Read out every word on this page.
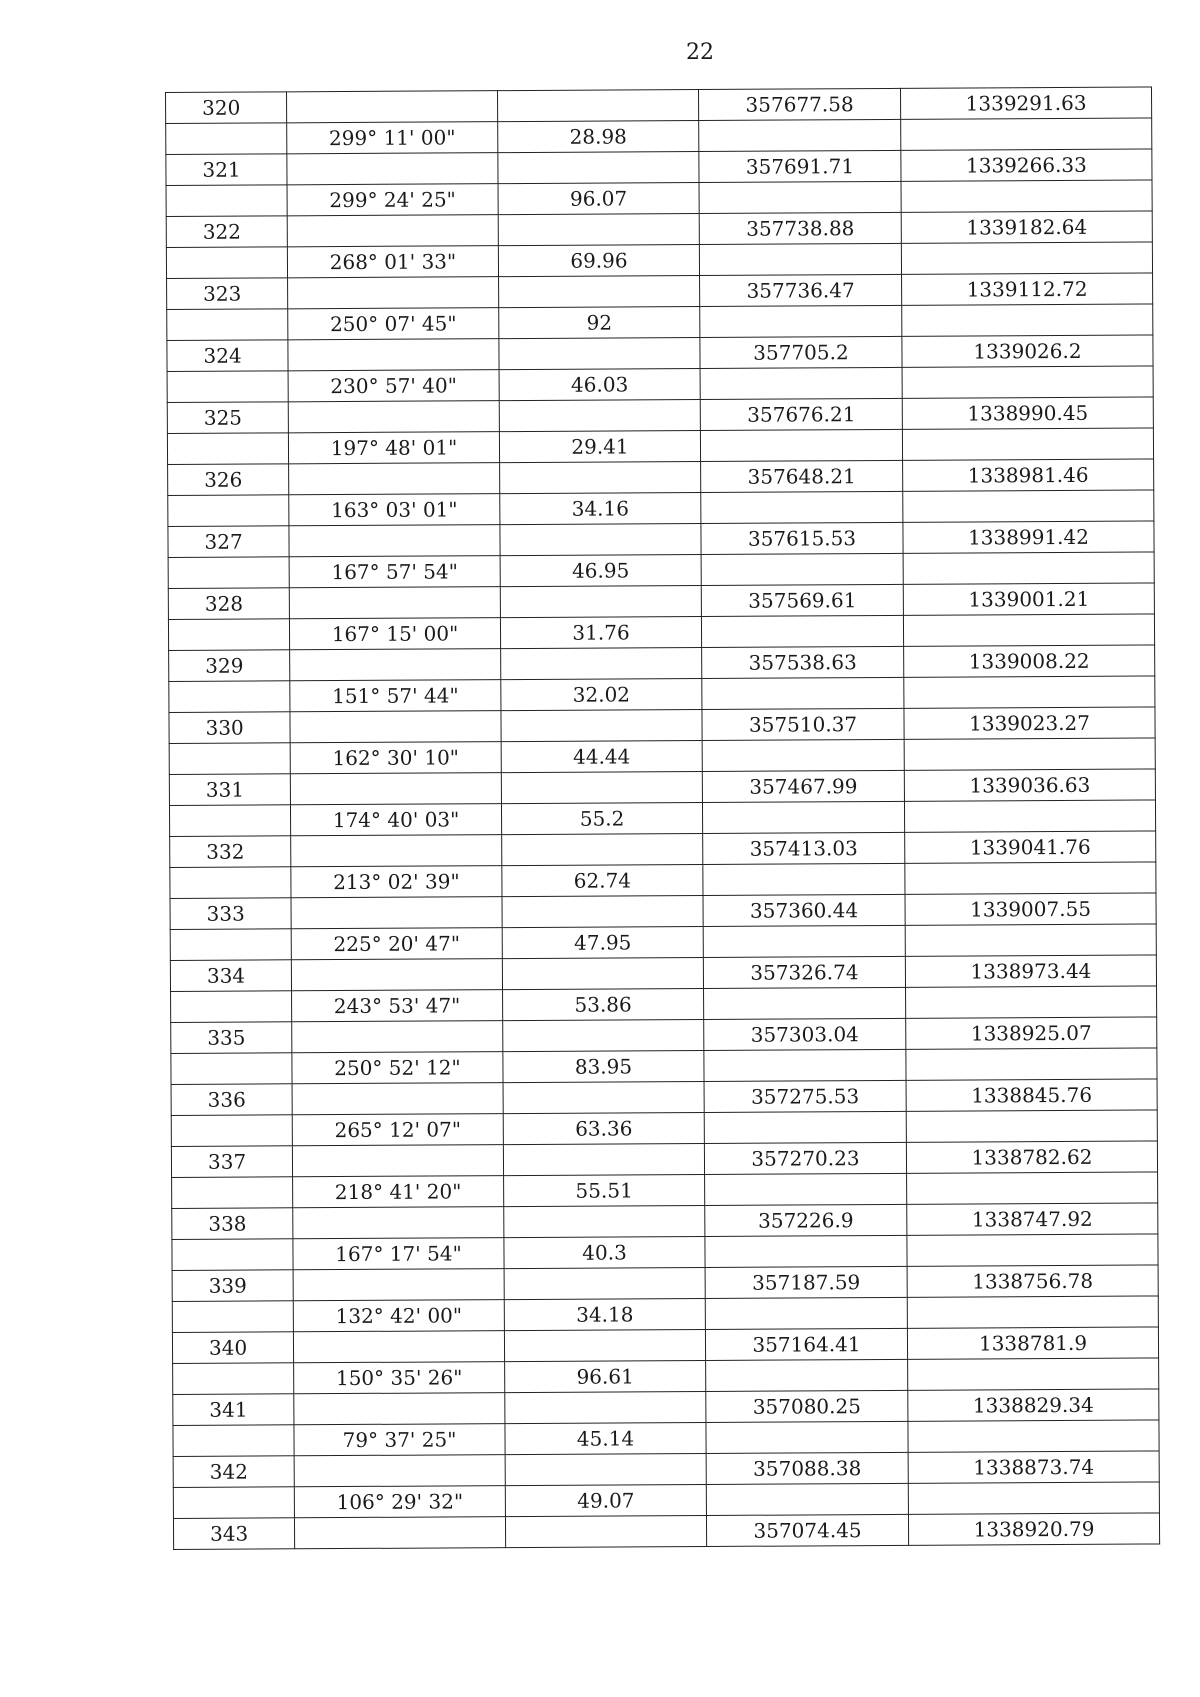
22
320			357677.58	1339291.63
	299° 11' 00"	28.98		
321			357691.71	1339266.33
	299° 24' 25"	96.07		
322			357738.88	1339182.64
	268° 01' 33"	69.96		
323			357736.47	1339112.72
	250° 07' 45"	92		
324			357705.2	1339026.2
	230° 57' 40"	46.03		
325			357676.21	1338990.45
	197° 48' 01"	29.41		
326			357648.21	1338981.46
	163° 03' 01"	34.16		
327			357615.53	1338991.42
	167° 57' 54"	46.95		
328			357569.61	1339001.21
	167° 15' 00"	31.76		
329			357538.63	1339008.22
	151° 57' 44"	32.02		
330			357510.37	1339023.27
	162° 30' 10"	44.44		
331			357467.99	1339036.63
	174° 40' 03"	55.2		
332			357413.03	1339041.76
	213° 02' 39"	62.74		
333			357360.44	1339007.55
	225° 20' 47"	47.95		
334			357326.74	1338973.44
	243° 53' 47"	53.86		
335			357303.04	1338925.07
	250° 52' 12"	83.95		
336			357275.53	1338845.76
	265° 12' 07"	63.36		
337			357270.23	1338782.62
	218° 41' 20"	55.51		
338			357226.9	1338747.92
	167° 17' 54"	40.3		
339			357187.59	1338756.78
	132° 42' 00"	34.18		
340			357164.41	1338781.9
	150° 35' 26"	96.61		
341			357080.25	1338829.34
	79° 37' 25"	45.14		
342			357088.38	1338873.74
	106° 29' 32"	49.07		
343			357074.45	1338920.79
